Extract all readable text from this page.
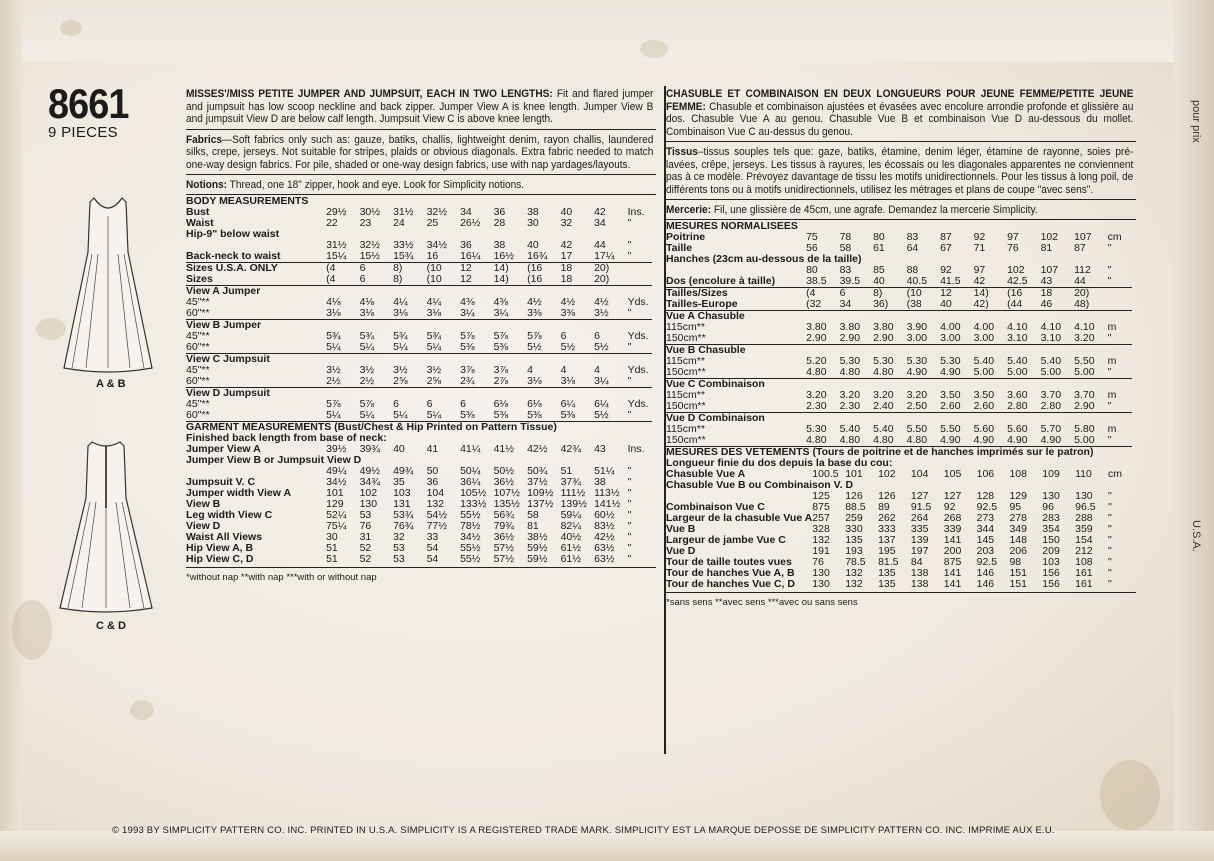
8661
9 PIECES
A & B
C & D

MISSES'/MISS PETITE JUMPER AND JUMPSUIT, EACH IN TWO LENGTHS: Fit and flared jumper and jumpsuit has low scoop neckline and back zipper. Jumper View A is knee length. Jumper View B and jumpsuit View D are below calf length. Jumpsuit View C is above knee length.

Fabrics—Soft fabrics only such as: gauze, batiks, challis, lightweight denim, rayon challis, laundered silks, crepe, jerseys. Not suitable for stripes, plaids or obvious diagonals. Extra fabric needed to match one-way design fabrics. For pile, shaded or one-way design fabrics, use with nap yardages/layouts.

Notions: Thread, one 18" zipper, hook and eye. Look for Simplicity notions.

BODY MEASUREMENTS										
Bust	29½	30½	31½	32½	34	36	38	40	42	Ins.
Waist	22	23	24	25	26½	28	30	32	34	"
Hip-9" below waist										
	31½	32½	33½	34½	36	38	40	42	44	"
Back-neck to waist	15¼	15½	15¾	16	16¼	16½	16¾	17	17¼	"
Sizes U.S.A. ONLY	(4	6	8)	(10	12	14)	(16	18	20)	
Sizes	(4	6	8)	(10	12	14)	(16	18	20)	
View A Jumper										
45"**	4⅛	4⅛	4¼	4¼	4⅜	4⅜	4½	4½	4½	Yds.
60"**	3⅛	3⅛	3⅛	3⅛	3¼	3¼	3⅜	3⅜	3½	"
View B Jumper										
45"**	5¾	5¾	5¾	5¾	5⅞	5⅞	5⅞	6	6	Yds.
60"**	5¼	5¼	5¼	5¼	5⅜	5⅜	5½	5½	5½	"
View C Jumpsuit										
45"**	3½	3½	3½	3½	3⅞	3⅞	4	4	4	Yds.
60"**	2½	2½	2⅝	2⅝	2¾	2⅞	3⅛	3⅛	3¼	"
View D Jumpsuit										
45"**	5⅞	5⅞	6	6	6	6⅛	6⅛	6¼	6¼	Yds.
60"**	5¼	5¼	5¼	5¼	5⅜	5⅜	5⅜	5⅜	5½	"
GARMENT MEASUREMENTS (Bust/Chest & Hip Printed on Pattern Tissue)										
Finished back length from base of neck:										
Jumper View A	39½	39¾	40	41	41¼	41½	42½	42¾	43	Ins.
Jumper View B or Jumpsuit View D										
	49¼	49½	49¾	50	50¼	50½	50¾	51	51¼	"
Jumpsuit V. C	34½	34¾	35	36	36¼	36½	37½	37¾	38	"
Jumper width View A	101	102	103	104	105½	107½	109½	111½	113½	"
View B	129	130	131	132	133½	135½	137½	139½	141½	"
Leg width View C	52¼	53	53¾	54½	55½	56¾	58	59¼	60½	"
View D	75¼	76	76¾	77½	78½	79¾	81	82¼	83½	"
Waist All Views	30	31	32	33	34½	36½	38½	40½	42½	"
Hip View A, B	51	52	53	54	55½	57½	59½	61½	63½	"
Hip View C, D	51	52	53	54	55½	57½	59½	61½	63½	"
*without nap **with nap ***with or without nap

CHASUBLE ET COMBINAISON EN DEUX LONGUEURS POUR JEUNE FEMME/PETITE JEUNE FEMME: Chasuble et combinaison ajustées et évasées avec encolure arrondie profonde et glissière au dos. Chasuble Vue A au genou. Chasuble Vue B et combinaison Vue D au-dessous du mollet. Combinaison Vue C au-dessus du genou.

Tissus–tissus souples tels que: gaze, batiks, étamine, denim léger, étamine de rayonne, soies pré-lavées, crêpe, jerseys. Les tissus à rayures, les écossais ou les diagonales apparentes ne conviennent pas à ce modèle. Prévoyez davantage de tissu les motifs unidirectionnels. Pour les tissus à long poil, de différents tons ou à motifs unidirectionnels, utilisez les métrages et plans de coupe "avec sens".

Mercerie: Fil, une glissière de 45cm, une agrafe. Demandez la mercerie Simplicity.

MESURES NORMALISEES										
Poitrine	75	78	80	83	87	92	97	102	107	cm
Taille	56	58	61	64	67	71	76	81	87	"
Hanches (23cm au-dessous de la taille)										
	80	83	85	88	92	97	102	107	112	"
Dos (encolure à taille)	38.5	39.5	40	40.5	41.5	42	42.5	43	44	"
Tailles/Sizes	(4	6	8)	(10	12	14)	(16	18	20)	
Tailles-Europe	(32	34	36)	(38	40	42)	(44	46	48)	
Vue A Chasuble										
115cm**	3.80	3.80	3.80	3.90	4.00	4.00	4.10	4.10	4.10	m
150cm**	2.90	2.90	2.90	3.00	3.00	3.00	3.10	3.10	3.20	"
Vue B Chasuble										
115cm**	5.20	5.30	5.30	5.30	5.30	5.40	5.40	5.40	5.50	m
150cm**	4.80	4.80	4.80	4.90	4.90	5.00	5.00	5.00	5.00	"
Vue C Combinaison										
115cm**	3.20	3.20	3.20	3.20	3.50	3.50	3.60	3.70	3.70	m
150cm**	2.30	2.30	2.40	2.50	2.60	2.60	2.80	2.80	2.90	"
Vue D Combinaison										
115cm**	5.30	5.40	5.40	5.50	5.50	5.60	5.60	5.70	5.80	m
150cm**	4.80	4.80	4.80	4.80	4.90	4.90	4.90	4.90	5.00	"
MESURES DES VETEMENTS (Tours de poitrine et de hanches imprimés sur le patron)										
Longueur finie du dos depuis la base du cou:										
Chasuble Vue A	100.5	101	102	104	105	106	108	109	110	cm
Chasuble Vue B ou Combinaison V. D										
	125	126	126	127	127	128	129	130	130	"
Combinaison Vue C	875	88.5	89	91.5	92	92.5	95	96	96.5	"
Largeur de la chasuble Vue A	257	259	262	264	268	273	278	283	288	"
Vue B	328	330	333	335	339	344	349	354	359	"
Largeur de jambe Vue C	132	135	137	139	141	145	148	150	154	"
Vue D	191	193	195	197	200	203	206	209	212	"
Tour de taille toutes vues	76	78.5	81.5	84	875	92.5	98	103	108	"
Tour de hanches Vue A, B	130	132	135	138	141	146	151	156	161	"
Tour de hanches Vue C, D	130	132	135	138	141	146	151	156	161	"
*sans sens **avec sens ***avec ou sans sens
pour prix
U.S.A.
© 1993 BY SIMPLICITY PATTERN CO. INC. PRINTED IN U.S.A. SIMPLICITY IS A REGISTERED TRADE MARK. SIMPLICITY EST LA MARQUE DEPOSSE DE SIMPLICITY PATTERN CO. INC. IMPRIME AUX E.U.
